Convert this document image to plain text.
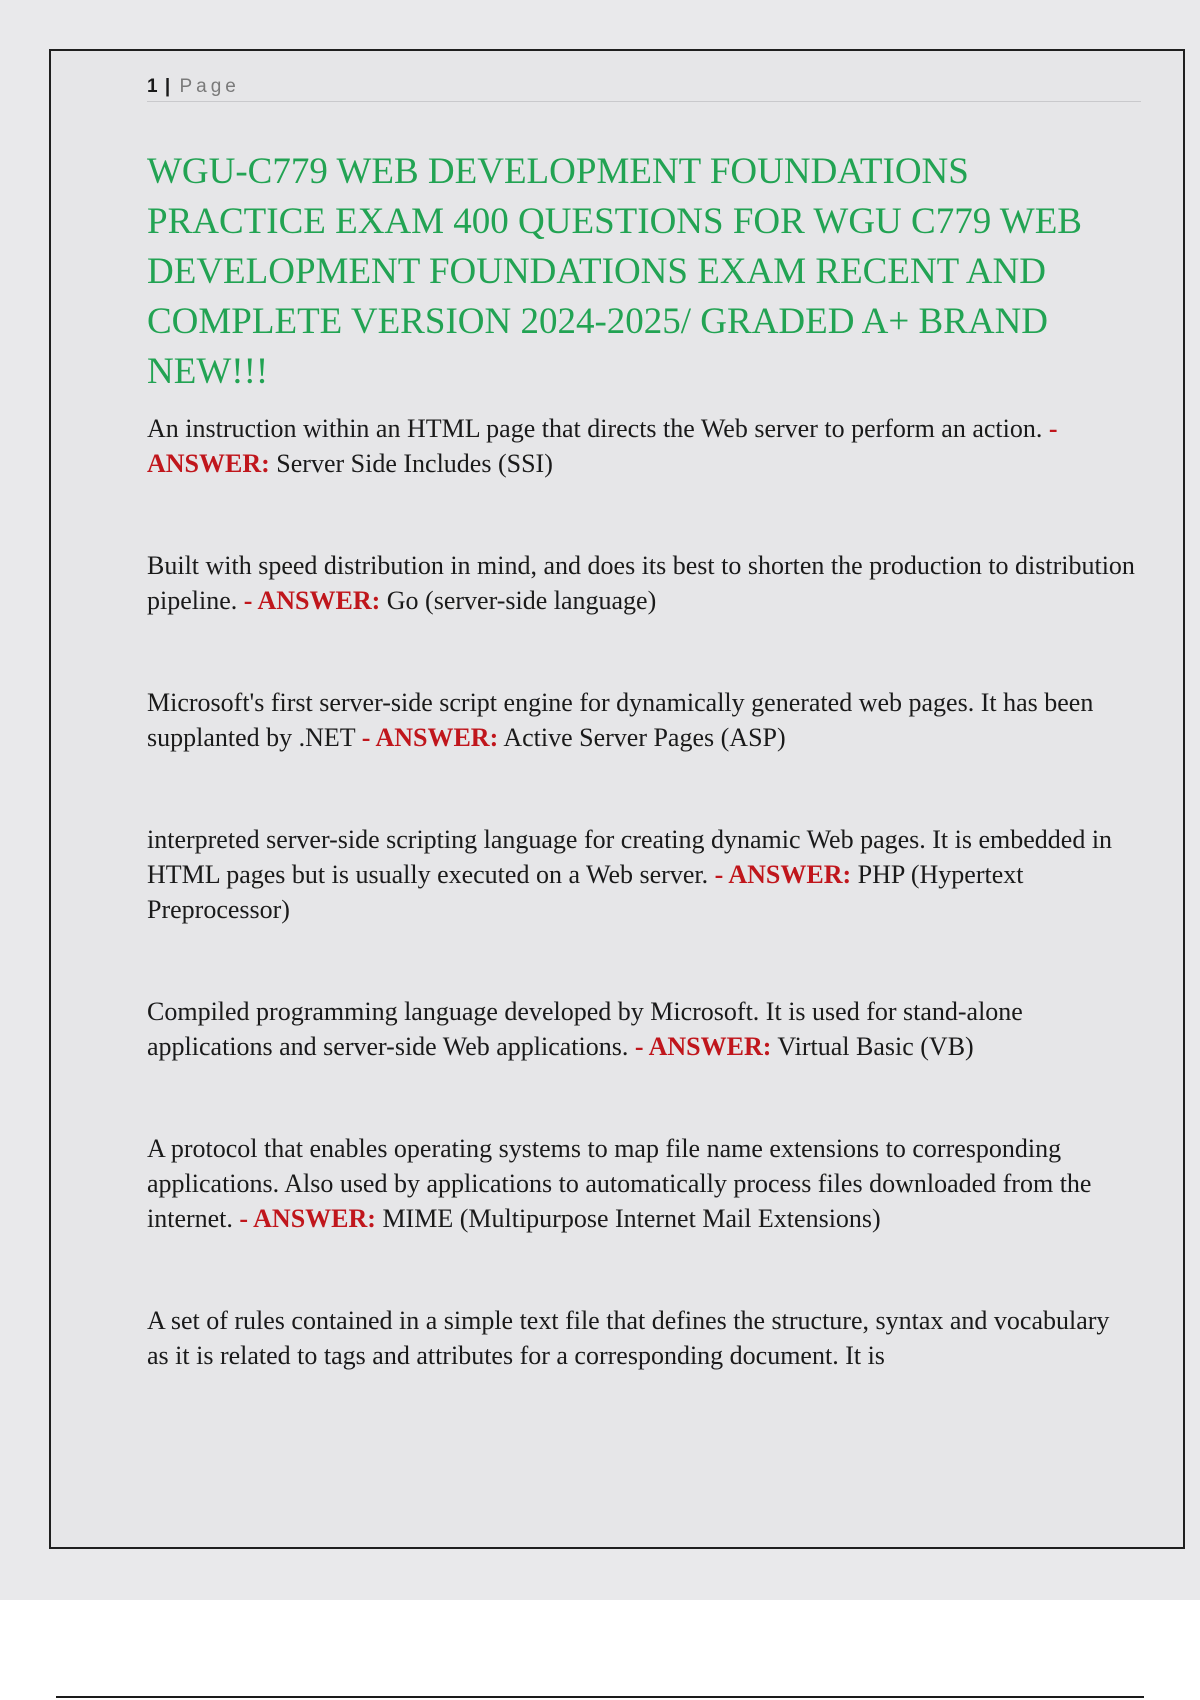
1 | Page
WGU-C779 WEB DEVELOPMENT FOUNDATIONS PRACTICE EXAM 400 QUESTIONS FOR WGU C779 WEB DEVELOPMENT FOUNDATIONS EXAM RECENT AND COMPLETE VERSION 2024-2025/ GRADED A+ BRAND NEW!!!

An instruction within an HTML page that directs the Web server to perform an action. - ANSWER: Server Side Includes (SSI)

Built with speed distribution in mind, and does its best to shorten the production to distribution pipeline. - ANSWER: Go (server-side language)

Microsoft's first server-side script engine for dynamically generated web pages. It has been supplanted by .NET - ANSWER: Active Server Pages (ASP)

interpreted server-side scripting language for creating dynamic Web pages. It is embedded in HTML pages but is usually executed on a Web server. - ANSWER: PHP (Hypertext Preprocessor)

Compiled programming language developed by Microsoft. It is used for stand-alone applications and server-side Web applications. - ANSWER: Virtual Basic (VB)

A protocol that enables operating systems to map file name extensions to corresponding applications. Also used by applications to automatically process files downloaded from the internet. - ANSWER: MIME (Multipurpose Internet Mail Extensions)

A set of rules contained in a simple text file that defines the structure, syntax and vocabulary as it is related to tags and attributes for a corresponding document. It is
